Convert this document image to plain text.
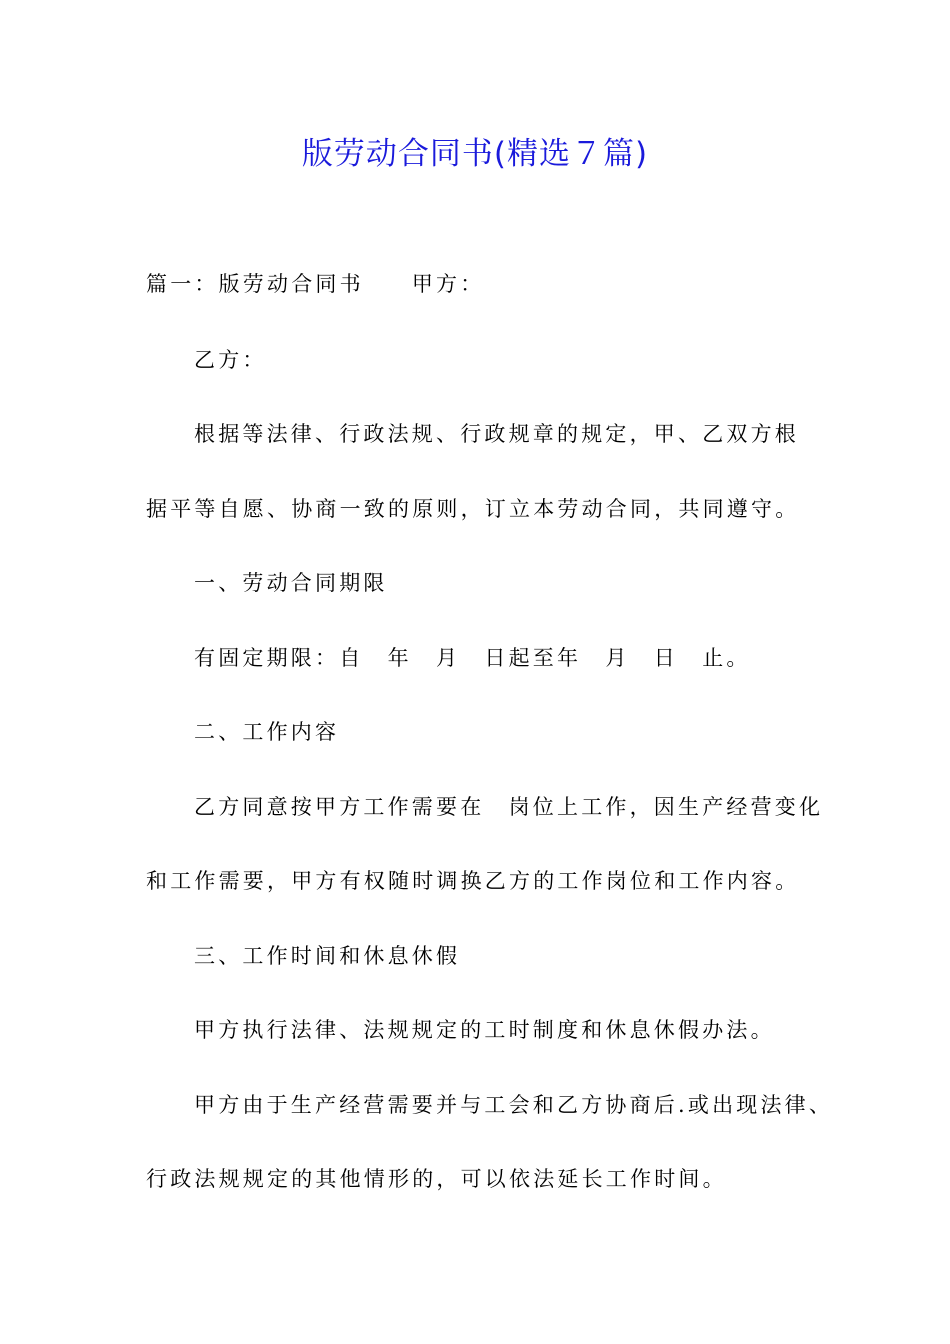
版劳动合同书(精选７篇)

篇一：版劳动合同书 甲方：

乙方：

根据等法律、行政法规、行政规章的规定，甲、乙双方根

据平等自愿、协商一致的原则，订立本劳动合同，共同遵守。

一、劳动合同期限

有固定期限：自　年　月　日起至年　月　日　止。

二、工作内容

乙方同意按甲方工作需要在　岗位上工作，因生产经营变化

和工作需要，甲方有权随时调换乙方的工作岗位和工作内容。

三、工作时间和休息休假

甲方执行法律、法规规定的工时制度和休息休假办法。

甲方由于生产经营需要并与工会和乙方协商后.或出现法律、

行政法规规定的其他情形的，可以依法延长工作时间。
